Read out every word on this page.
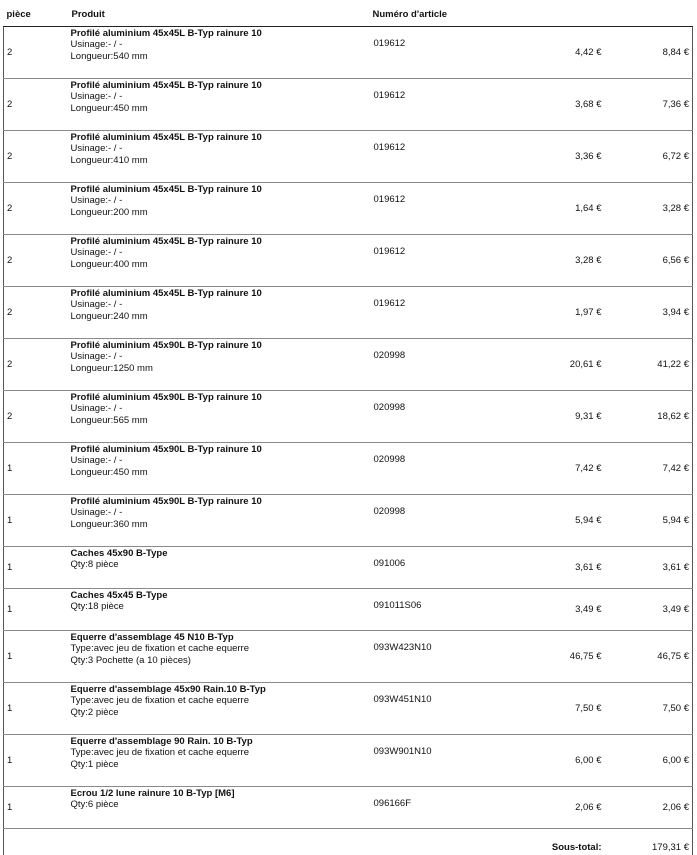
pièce	Produit	Numéro d'article		
2	Profilé aluminium 45x45L B-Typ rainure 10
Usinage:- / -
Longueur:540 mm	019612	4,42 €	8,84 €
2	Profilé aluminium 45x45L B-Typ rainure 10
Usinage:- / -
Longueur:450 mm	019612	3,68 €	7,36 €
2	Profilé aluminium 45x45L B-Typ rainure 10
Usinage:- / -
Longueur:410 mm	019612	3,36 €	6,72 €
2	Profilé aluminium 45x45L B-Typ rainure 10
Usinage:- / -
Longueur:200 mm	019612	1,64 €	3,28 €
2	Profilé aluminium 45x45L B-Typ rainure 10
Usinage:- / -
Longueur:400 mm	019612	3,28 €	6,56 €
2	Profilé aluminium 45x45L B-Typ rainure 10
Usinage:- / -
Longueur:240 mm	019612	1,97 €	3,94 €
2	Profilé aluminium 45x90L B-Typ rainure 10
Usinage:- / -
Longueur:1250 mm	020998	20,61 €	41,22 €
2	Profilé aluminium 45x90L B-Typ rainure 10
Usinage:- / -
Longueur:565 mm	020998	9,31 €	18,62 €
1	Profilé aluminium 45x90L B-Typ rainure 10
Usinage:- / -
Longueur:450 mm	020998	7,42 €	7,42 €
1	Profilé aluminium 45x90L B-Typ rainure 10
Usinage:- / -
Longueur:360 mm	020998	5,94 €	5,94 €
1	Caches 45x90 B-Type
Qty:8 pièce	091006	3,61 €	3,61 €
1	Caches 45x45 B-Type
Qty:18 pièce	091011S06	3,49 €	3,49 €
1	Equerre d'assemblage 45 N10 B-Typ
Type:avec jeu de fixation et cache equerre
Qty:3 Pochette (a 10 pièces)	093W423N10	46,75 €	46,75 €
1	Equerre d'assemblage 45x90 Rain.10 B-Typ
Type:avec jeu de fixation et cache equerre
Qty:2 pièce	093W451N10	7,50 €	7,50 €
1	Equerre d'assemblage 90 Rain. 10 B-Typ
Type:avec jeu de fixation et cache equerre
Qty:1 pièce	093W901N10	6,00 €	6,00 €
1	Ecrou 1/2 lune rainure 10 B-Typ [M6]
Qty:6 pièce	096166F	2,06 €	2,06 €
			Sous-total:	179,31 €
